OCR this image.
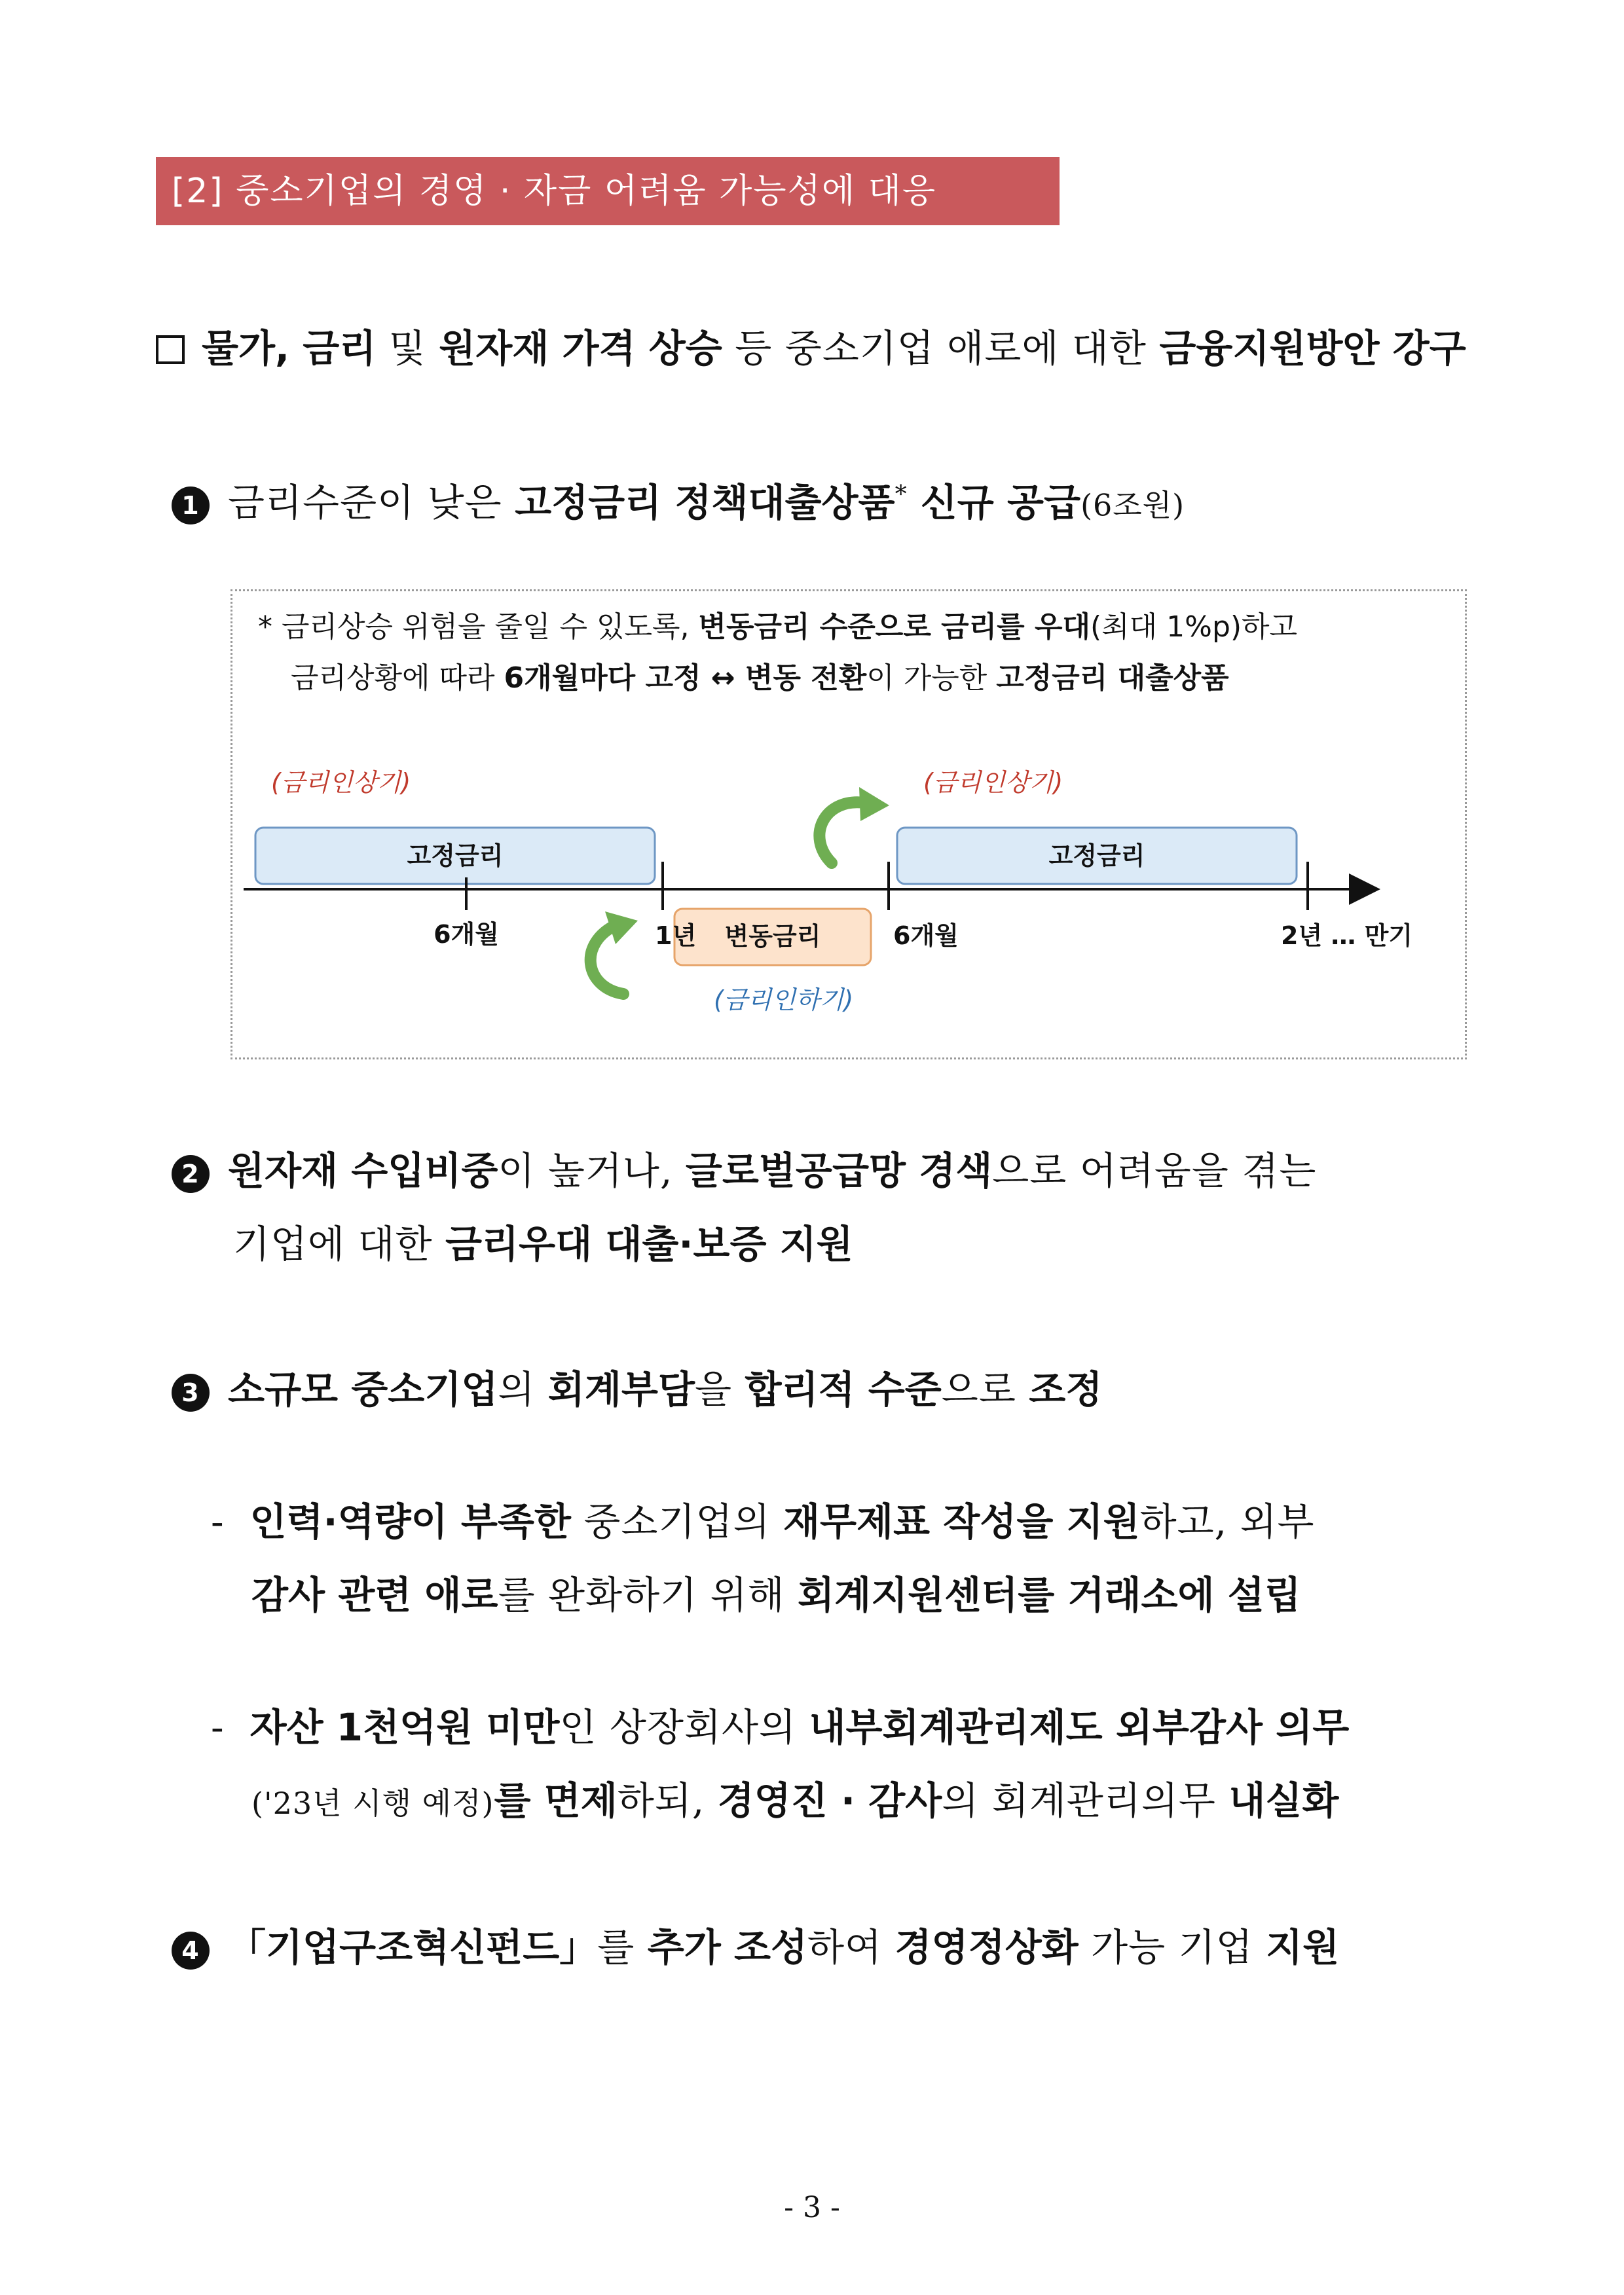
[2] 중소기업의 경영 · 자금 어려움 가능성에 대응
물가, 금리 및 원자재 가격 상승 등 중소기업 애로에 대한 금융지원방안 강구
1 금리수준이 낮은 고정금리 정책대출상품* 신규 공급(6조원)
* 금리상승 위험을 줄일 수 있도록, 변동금리 수준으로 금리를 우대(최대 1%p)하고
금리상황에 따라 6개월마다 고정 ↔ 변동 전환이 가능한 고정금리 대출상품
(금리인상기)	(금리인상기)
(금리인하기)
고정금리	고정금리
변동금리
6개월	1년	6개월	2년 … 만기
2 원자재 수입비중이 높거나, 글로벌공급망 경색으로 어려움을 겪는
기업에 대한 금리우대 대출·보증 지원
3 소규모 중소기업의 회계부담을 합리적 수준으로 조정
- 인력·역량이 부족한 중소기업의 재무제표 작성을 지원하고, 외부
감사 관련 애로를 완화하기 위해 회계지원센터를 거래소에 설립
- 자산 1천억원 미만인 상장회사의 내부회계관리제도 외부감사 의무
('23년 시행 예정)를 면제하되, 경영진 · 감사의 회계관리의무 내실화
4 「기업구조혁신펀드」를 추가 조성하여 경영정상화 가능 기업 지원
- 3 -
